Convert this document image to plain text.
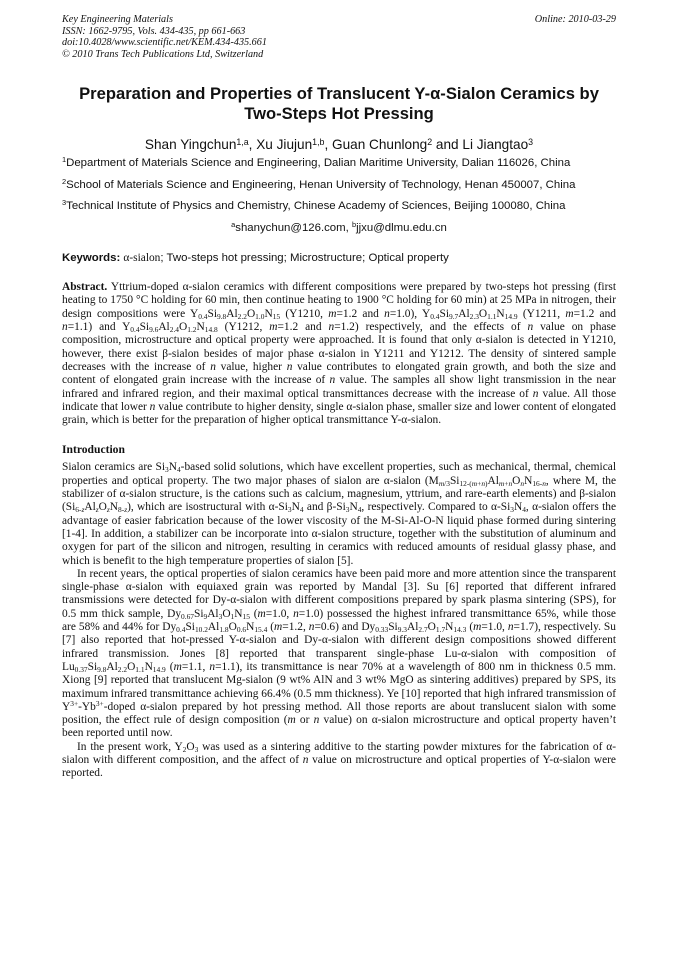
Key Engineering Materials
ISSN: 1662-9795, Vols. 434-435, pp 661-663
doi:10.4028/www.scientific.net/KEM.434-435.661
© 2010 Trans Tech Publications Ltd, Switzerland
Online: 2010-03-29
Preparation and Properties of Translucent Y-α-Sialon Ceramics by
Two-Steps Hot Pressing
Shan Yingchun$^{1,a}$, Xu Jiujun$^{1,b}$, Guan Chunlong$^2$ and Li Jiangtao$^3$
$^1$Department of Materials Science and Engineering, Dalian Maritime University, Dalian 116026, China
$^2$School of Materials Science and Engineering, Henan University of Technology, Henan 450007, China
$^3$Technical Institute of Physics and Chemistry, Chinese Academy of Sciences, Beijing 100080, China
$^a$shanychun@126.com, $^b$jjxu@dlmu.edu.cn
Keywords: α-sialon; Two-steps hot pressing; Microstructure; Optical property
Abstract. Yttrium-doped α-sialon ceramics with different compositions were prepared by two-steps hot pressing (first heating to 1750 °C holding for 60 min, then continue heating to 1900 °C holding for 60 min) at 25 MPa in nitrogen, their design compositions were $Y_{0.4}Si_{9.8}Al_{2.2}O_{1.0}N_{15}$ (Y1210, m=1.2 and n=1.0), $Y_{0.4}Si_{9.7}Al_{2.3}O_{1.1}N_{14.9}$ (Y1211, m=1.2 and n=1.1) and $Y_{0.4}Si_{9.6}Al_{2.4}O_{1.2}N_{14.8}$ (Y1212, m=1.2 and n=1.2) respectively, and the effects of n value on phase composition, microstructure and optical property were approached. It is found that only α-sialon is detected in Y1210, however, there exist β-sialon besides of major phase α-sialon in Y1211 and Y1212. The density of sintered sample decreases with the increase of n value, higher n value contributes to elongated grain growth, and both the size and content of elongated grain increase with the increase of n value. The samples all show light transmission in the near infrared and infrared region, and their maximal optical transmittances decrease with the increase of n value. All those indicate that lower n value contribute to higher density, single α-sialon phase, smaller size and lower content of elongated grain, which is better for the preparation of higher optical transmittance Y-α-sialon.
Introduction

Sialon ceramics are $Si_3N_4$-based solid solutions, which have excellent properties, such as mechanical, thermal, chemical properties and optical property. The two major phases of sialon are α-sialon ($M_{m/3}Si_{12-(m+n)}Al_{m+n}O_nN_{16-n}$, where M, the stabilizer of α-sialon structure, is the cations such as calcium, magnesium, yttrium, and rare-earth elements) and β-sialon $(Si_{6-z}Al_zO_zN_{8-z})$, which are isostructural with $\alpha-Si_3N_4$ and $\beta-Si_3N_4$, respectively. Compared to $\alpha-Si_3N_4$, α-sialon offers the advantage of easier fabrication because of the lower viscosity of the M-Si-Al-O-N liquid phase formed during sintering [1-4]. In addition, a stabilizer can be incorporate into α-sialon structure, together with the substitution of aluminum and oxygen for part of the silicon and nitrogen, resulting in ceramics with reduced amounts of residual glassy phase, and which is benefit to the high temperature properties of sialon [5].

In recent years, the optical properties of sialon ceramics have been paid more and more attention since the transparent single-phase α-sialon with equiaxed grain was reported by Mandal [3]. Su [6] reported that different infrared transmissions were detected for Dy-α-sialon with different compositions prepared by spark plasma sintering (SPS), for 0.5 mm thick sample, $Dy_{0.67}Si_9Al_3O_1N_{15}$ (m=1.0, n=1.0) possessed the highest infrared transmittance 65%, while those are 58% and 44% for $Dy_{0.4}Si_{10.2}Al_{1.8}O_{0.6}N_{15.4}$ (m=1.2, n=0.6) and $Dy_{0.33}Si_{9.3}Al_{2.7}O_{1.7}N_{14.3}$ (m=1.0, n=1.7), respectively. Su [7] also reported that hot-pressed Y-α-sialon and Dy-α-sialon with different design compositions showed different infrared transmission. Jones [8] reported that transparent single-phase Lu-α-sialon with composition of $Lu_{0.37}Si_{9.8}Al_{2.2}O_{1.1}N_{14.9}$ (m=1.1, n=1.1), its transmittance is near 70% at a wavelength of 800 nm in thickness 0.5 mm. Xiong [9] reported that translucent Mg-sialon (9 wt% AlN and 3 wt% MgO as sintering additives) prepared by SPS, its maximum infrared transmittance achieving 66.4% (0.5 mm thickness). Ye [10] reported that high infrared transmission of $Y^{3+}-Yb^{3+}$-doped α-sialon prepared by hot pressing method. All those reports are about translucent sialon with some position, the effect rule of design composition (m or n value) on α-sialon microstructure and optical property haven’t been reported until now.

In the present work, $Y_2O_3$ was used as a sintering additive to the starting powder mixtures for the fabrication of α-sialon with different composition, and the affect of n value on microstructure and optical properties of Y-α-sialon were reported.
